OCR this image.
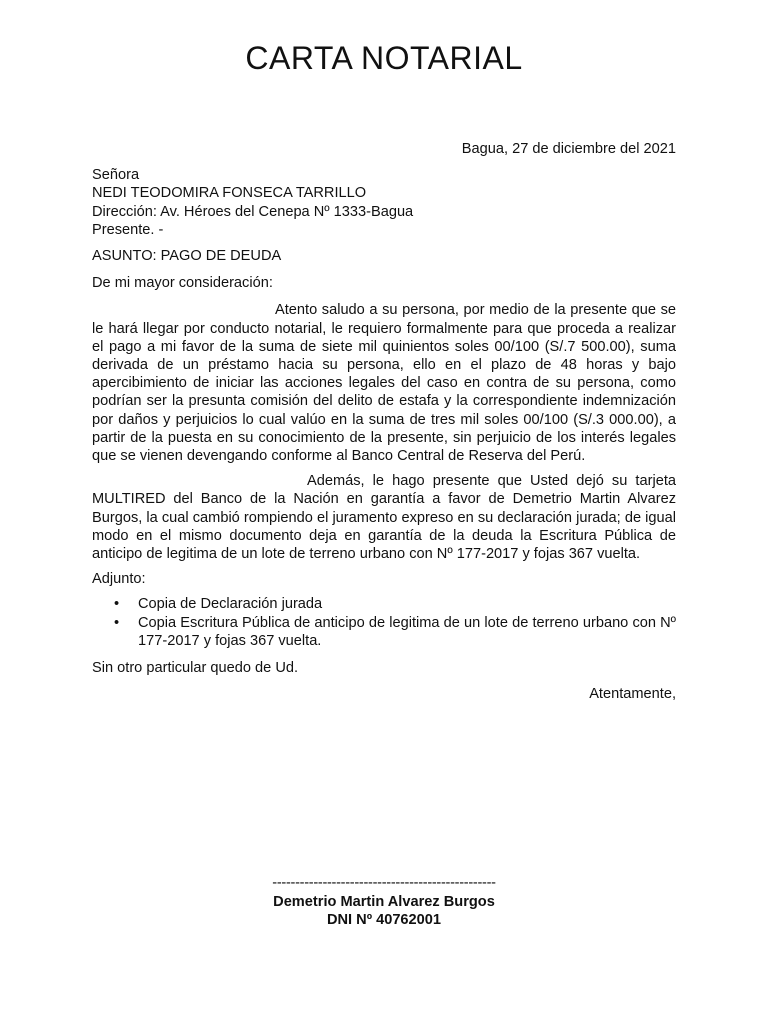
CARTA NOTARIAL

Bagua, 27 de diciembre del 2021

Señora
NEDI TEODOMIRA FONSECA TARRILLO
Dirección: Av. Héroes del Cenepa Nº 1333-Bagua
Presente. -

ASUNTO: PAGO DE DEUDA

De mi mayor consideración:

Atento saludo a su persona, por medio de la presente que se le hará llegar por conducto notarial, le requiero formalmente para que proceda a realizar el pago a mi favor de la suma de siete mil quinientos soles 00/100 (S/.7 500.00), suma derivada de un préstamo hacia su persona, ello en el plazo de 48 horas y bajo apercibimiento de iniciar las acciones legales del caso en contra de su persona, como podrían ser la presunta comisión del delito de estafa y la correspondiente indemnización por daños y perjuicios lo cual valúo en la suma de tres mil soles 00/100 (S/.3 000.00), a partir de la puesta en su conocimiento de la presente, sin perjuicio de los interés legales que se vienen devengando conforme al Banco Central de Reserva del Perú.

Además, le hago presente que Usted dejó su tarjeta MULTIRED del Banco de la Nación en garantía a favor de Demetrio Martin Alvarez Burgos, la cual cambió rompiendo el juramento expreso en su declaración jurada; de igual modo en el mismo documento deja en garantía de la deuda la Escritura Pública de anticipo de legitima de un lote de terreno urbano con Nº 177-2017 y fojas 367 vuelta.

Adjunto:

• Copia de Declaración jurada
• Copia Escritura Pública de anticipo de legitima de un lote de terreno urbano con Nº 177-2017 y fojas 367 vuelta.

Sin otro particular quedo de Ud.

Atentamente,

-------------------------------------------------
Demetrio Martin Alvarez Burgos
DNI Nº 40762001
